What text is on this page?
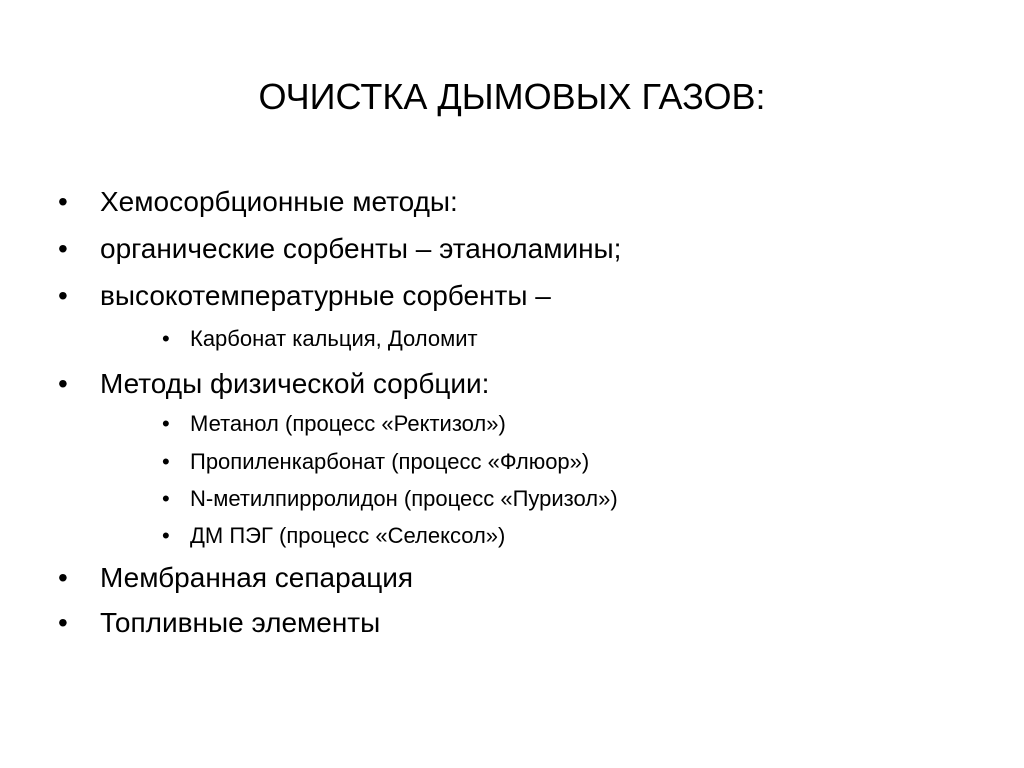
ОЧИСТКА ДЫМОВЫХ ГАЗОВ:
• Хемосорбционные методы:
• органические сорбенты – этаноламины;
• высокотемпературные сорбенты –
• Карбонат кальция, Доломит
• Методы физической сорбции:
• Метанол (процесс «Ректизол»)
• Пропиленкарбонат (процесс «Флюор»)
• N-метилпирролидон (процесс «Пуризол»)
• ДМ ПЭГ (процесс «Селексол»)
• Мембранная сепарация
• Топливные элементы
